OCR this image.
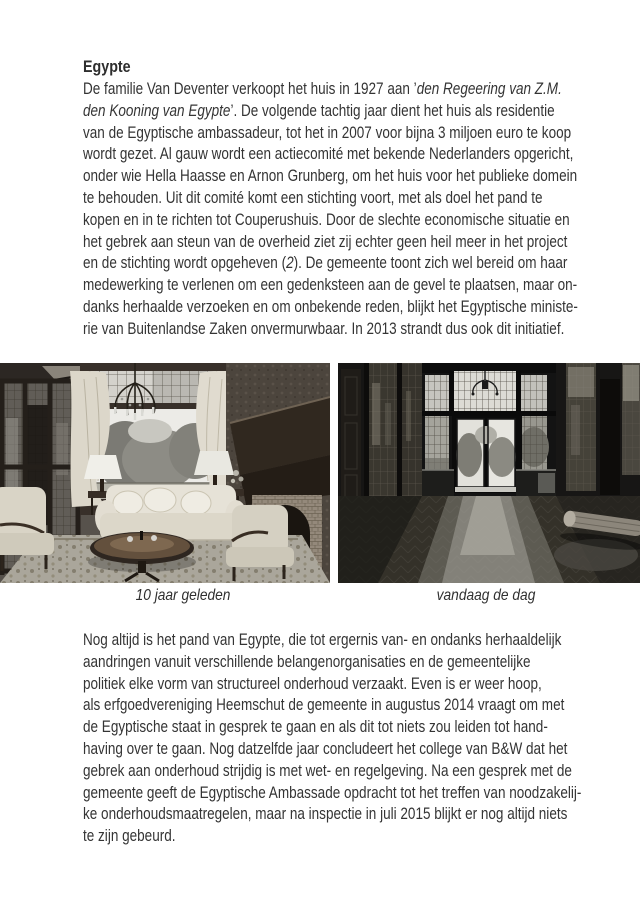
Egypte
De familie Van Deventer verkoopt het huis in 1927 aan ’den Regeering van Z.M.
den Kooning van Egypte’. De volgende tachtig jaar dient het huis als residentie
van de Egyptische ambassadeur, tot het in 2007 voor bijna 3 miljoen euro te koop
wordt gezet. Al gauw wordt een actiecomité met bekende Nederlanders opgericht,
onder wie Hella Haasse en Arnon Grunberg, om het huis voor het publieke domein
te behouden. Uit dit comité komt een stichting voort, met als doel het pand te
kopen en in te richten tot Couperushuis. Door de slechte economische situatie en
het gebrek aan steun van de overheid ziet zij echter geen heil meer in het project
en de stichting wordt opgeheven (2). De gemeente toont zich wel bereid om haar
medewerking te verlenen om een gedenksteen aan de gevel te plaatsen, maar on-
danks herhaalde verzoeken en om onbekende reden, blijkt het Egyptische ministe-
rie van Buitenlandse Zaken onvermurwbaar. In 2013 strandt dus ook dit initiatief.
10 jaar geleden	vandaag de dag
Nog altijd is het pand van Egypte, die tot ergernis van- en ondanks herhaaldelijk
aandringen vanuit verschillende belangenorganisaties en de gemeentelijke
politiek elke vorm van structureel onderhoud verzaakt. Even is er weer hoop,
als erfgoedvereniging Heemschut de gemeente in augustus 2014 vraagt om met
de Egyptische staat in gesprek te gaan en als dit tot niets zou leiden tot hand-
having over te gaan. Nog datzelfde jaar concludeert het college van B&W dat het
gebrek aan onderhoud strijdig is met wet- en regelgeving. Na een gesprek met de
gemeente geeft de Egyptische Ambassade opdracht tot het treffen van noodzakelij-
ke onderhoudsmaatregelen, maar na inspectie in juli 2015 blijkt er nog altijd niets
te zijn gebeurd.
